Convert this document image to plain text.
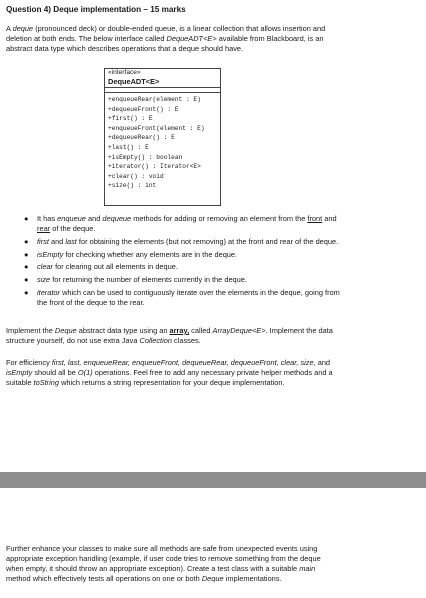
Question 4) Deque implementation – 15 marks
A deque (pronounced deck) or double-ended queue, is a linear collection that allows insertion and
deletion at both ends. The below interface called DequeADT<E> available from Blackboard, is an
abstract data type which describes operations that a deque should have.
«interface»
DequeADT<E>
+enqueueRear(element : E)
+dequeueFront() : E
+first() : E
+enqueueFront(element : E)
+dequeueRear() : E
+last() : E
+isEmpty() : boolean
+iterator() : Iterator<E>
+clear() : void
+size() : int
● It has enqueue and dequeue methods for adding or removing an element from the front and
rear of the deque.
● first and last for obtaining the elements (but not removing) at the front and rear of the deque.
● isEmpty for checking whether any elements are in the deque.
● clear for clearing out all elements in deque.
● size for returning the number of elements currently in the deque.
● iterator which can be used to contiguously iterate over the elements in the deque, going from
the front of the deque to the rear.
Implement the Deque abstract data type using an array, called ArrayDeque<E>. Implement the data
structure yourself, do not use extra Java Collection classes.
For efficiency first, last, enqueueRear, enqueueFront, dequeueRear, dequeueFront, clear, size, and
isEmpty should all be O(1) operations. Feel free to add any necessary private helper methods and a
suitable toString which returns a string representation for your deque implementation.
Further enhance your classes to make sure all methods are safe from unexpected events using
appropriate exception handling (example, if user code tries to remove something from the deque
when empty, it should throw an appropriate exception). Create a test class with a suitable main
method which effectively tests all operations on one or both Deque implementations.
